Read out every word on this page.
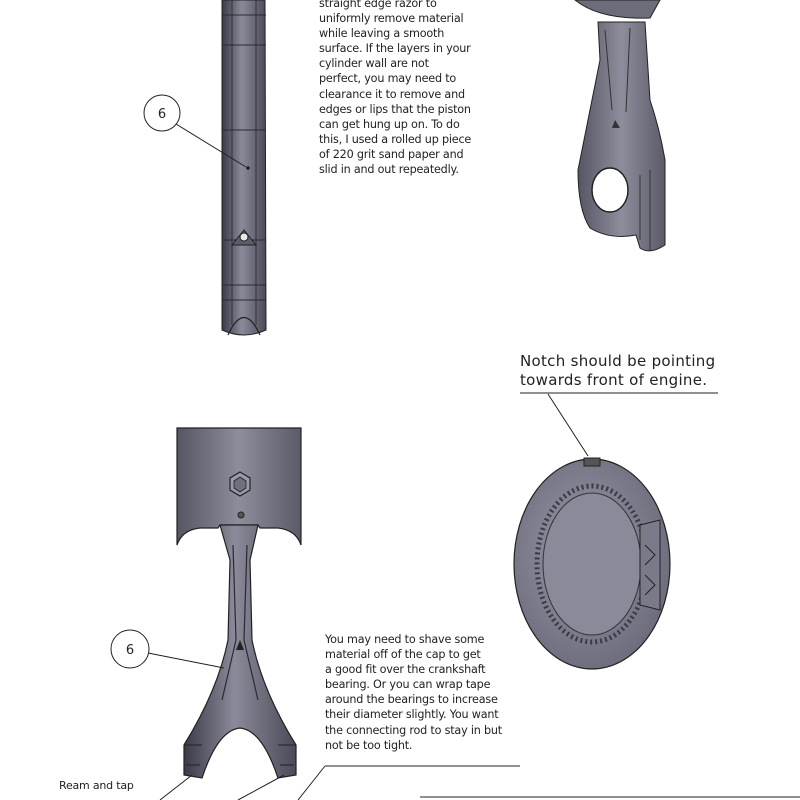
6
6
straight edge razor to
uniformly remove material
while leaving a smooth
surface. If the layers in your
cylinder wall are not
perfect, you may need to
clearance it to remove and
edges or lips that the piston
can get hung up on. To do
this, I used a rolled up piece
of 220 grit sand paper and
slid in and out repeatedly.
Notch should be pointing
towards front of engine.
You may need to shave some
material off of the cap to get
a good fit over the crankshaft
bearing. Or you can wrap tape
around the bearings to increase
their diameter slightly. You want
the connecting rod to stay in but
not be too tight.
Ream and tap
